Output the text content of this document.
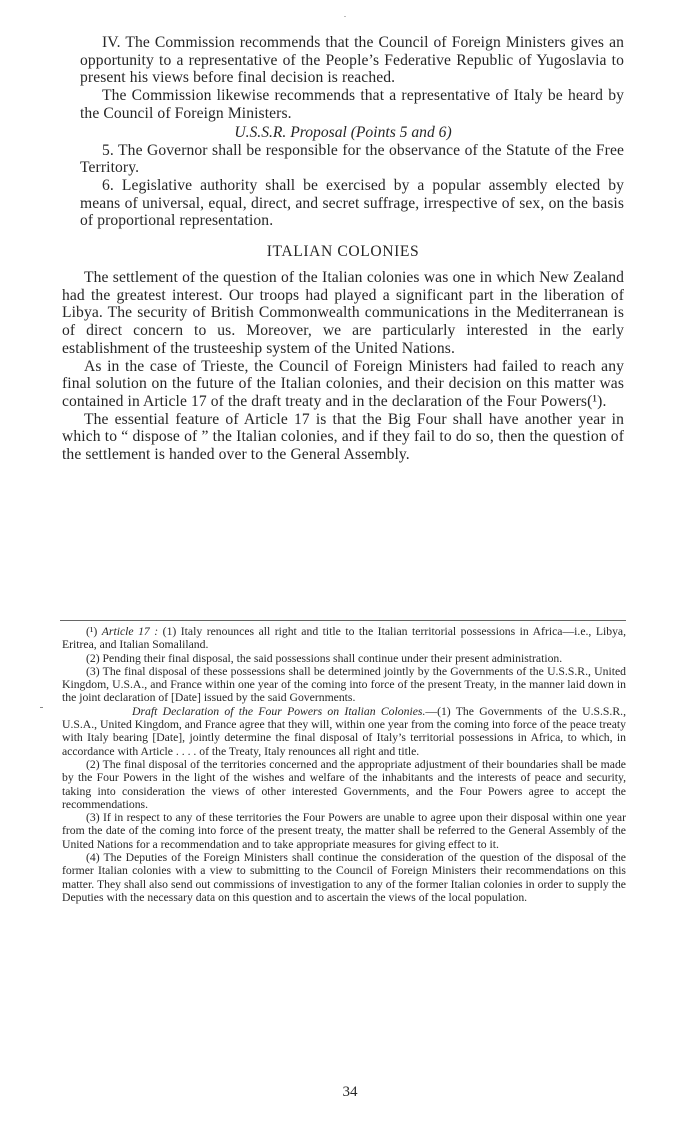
IV. The Commission recommends that the Council of Foreign Ministers gives an opportunity to a representative of the People’s Federative Republic of Yugoslavia to present his views before final decision is reached.

The Commission likewise recommends that a representative of Italy be heard by the Council of Foreign Ministers.

U.S.S.R. Proposal (Points 5 and 6)

5. The Governor shall be responsible for the observance of the Statute of the Free Territory.

6. Legislative authority shall be exercised by a popular assembly elected by means of universal, equal, direct, and secret suffrage, irrespective of sex, on the basis of proportional representation.

ITALIAN COLONIES

The settlement of the question of the Italian colonies was one in which New Zealand had the greatest interest. Our troops had played a significant part in the liberation of Libya. The security of British Commonwealth communications in the Mediterranean is of direct concern to us. Moreover, we are particularly interested in the early establishment of the trusteeship system of the United Nations.

As in the case of Trieste, the Council of Foreign Ministers had failed to reach any final solution on the future of the Italian colonies, and their decision on this matter was contained in Article 17 of the draft treaty and in the declaration of the Four Powers(¹).

The essential feature of Article 17 is that the Big Four shall have another year in which to “ dispose of ” the Italian colonies, and if they fail to do so, then the question of the settlement is handed over to the General Assembly.

(¹) Article 17 : (1) Italy renounces all right and title to the Italian territorial possessions in Africa—i.e., Libya, Eritrea, and Italian Somaliland.

(2) Pending their final disposal, the said possessions shall continue under their present administration.

(3) The final disposal of these possessions shall be determined jointly by the Governments of the U.S.S.R., United Kingdom, U.S.A., and France within one year of the coming into force of the present Treaty, in the manner laid down in the joint declaration of [Date] issued by the said Governments.

Draft Declaration of the Four Powers on Italian Colonies.—(1) The Governments of the U.S.S.R., U.S.A., United Kingdom, and France agree that they will, within one year from the coming into force of the peace treaty with Italy bearing [Date], jointly determine the final disposal of Italy’s territorial possessions in Africa, to which, in accordance with Article . . . . of the Treaty, Italy renounces all right and title.

(2) The final disposal of the territories concerned and the appropriate adjustment of their boundaries shall be made by the Four Powers in the light of the wishes and welfare of the inhabitants and the interests of peace and security, taking into consideration the views of other interested Governments, and the Four Powers agree to accept the recommendations.

(3) If in respect to any of these territories the Four Powers are unable to agree upon their disposal within one year from the date of the coming into force of the present treaty, the matter shall be referred to the General Assembly of the United Nations for a recommendation and to take appropriate measures for giving effect to it.

(4) The Deputies of the Foreign Ministers shall continue the consideration of the question of the disposal of the former Italian colonies with a view to submitting to the Council of Foreign Ministers their recommendations on this matter. They shall also send out commissions of investigation to any of the former Italian colonies in order to supply the Deputies with the necessary data on this question and to ascertain the views of the local population.

34
